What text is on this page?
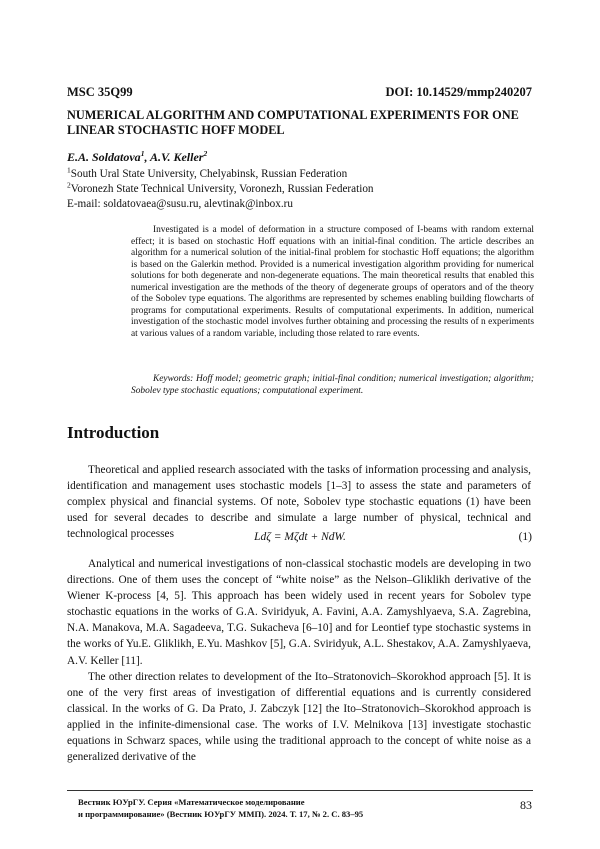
MSC 35Q99	DOI: 10.14529/mmp240207
NUMERICAL ALGORITHM AND COMPUTATIONAL EXPERIMENTS FOR ONE LINEAR STOCHASTIC HOFF MODEL
E.A. Soldatova$^1$, A.V. Keller$^2$
$^1$South Ural State University, Chelyabinsk, Russian Federation
$^2$Voronezh State Technical University, Voronezh, Russian Federation
E-mail: soldatovaea@susu.ru, alevtinak@inbox.ru

Investigated is a model of deformation in a structure composed of I-beams with random external effect; it is based on stochastic Hoff equations with an initial-final condition. The article describes an algorithm for a numerical solution of the initial-final problem for stochastic Hoff equations; the algorithm is based on the Galerkin method. Provided is a numerical investigation algorithm providing for numerical solutions for both degenerate and non-degenerate equations. The main theoretical results that enabled this numerical investigation are the methods of the theory of degenerate groups of operators and of the theory of the Sobolev type equations. The algorithms are represented by schemes enabling building flowcharts of programs for computational experiments. Results of computational experiments. In addition, numerical investigation of the stochastic model involves further obtaining and processing the results of n experiments at various values of a random variable, including those related to rare events.

Keywords: Hoff model; geometric graph; initial-final condition; numerical investigation; algorithm; Sobolev type stochastic equations; computational experiment.

Introduction

Theoretical and applied research associated with the tasks of information processing and analysis, identification and management uses stochastic models [1–3] to assess the state and parameters of complex physical and financial systems. Of note, Sobolev type stochastic equations (1) have been used for several decades to describe and simulate a large number of physical, technical and technological processes	Ldζ = Mζdt + NdW.	(1)

Analytical and numerical investigations of non-classical stochastic models are developing in two directions. One of them uses the concept of “white noise” as the Nelson–Gliklikh derivative of the Wiener K-process [4, 5]. This approach has been widely used in recent years for Sobolev type stochastic equations in the works of G.A. Sviridyuk, A. Favini, A.A. Zamyshlyaeva, S.A. Zagrebina, N.A. Manakova, M.A. Sagadeeva, T.G. Sukacheva [6–10] and for Leontief type stochastic systems in the works of Yu.E. Gliklikh, E.Yu. Mashkov [5], G.A. Sviridyuk, A.L. Shestakov, A.A. Zamyshlyaeva, A.V. Keller [11].

The other direction relates to development of the Ito–Stratonovich–Skorokhod approach [5]. It is one of the very first areas of investigation of differential equations and is currently considered classical. In the works of G. Da Prato, J. Zabczyk [12] the Ito–Stratonovich–Skorokhod approach is applied in the infinite-dimensional case. The works of I.V. Melnikova [13] investigate stochastic equations in Schwarz spaces, while using the traditional approach to the concept of white noise as a generalized derivative of the

Вестник ЮУрГУ. Серия «Математическое моделирование
и программирование» (Вестник ЮУрГУ ММП). 2024. Т. 17, № 2. С. 83–95
83
